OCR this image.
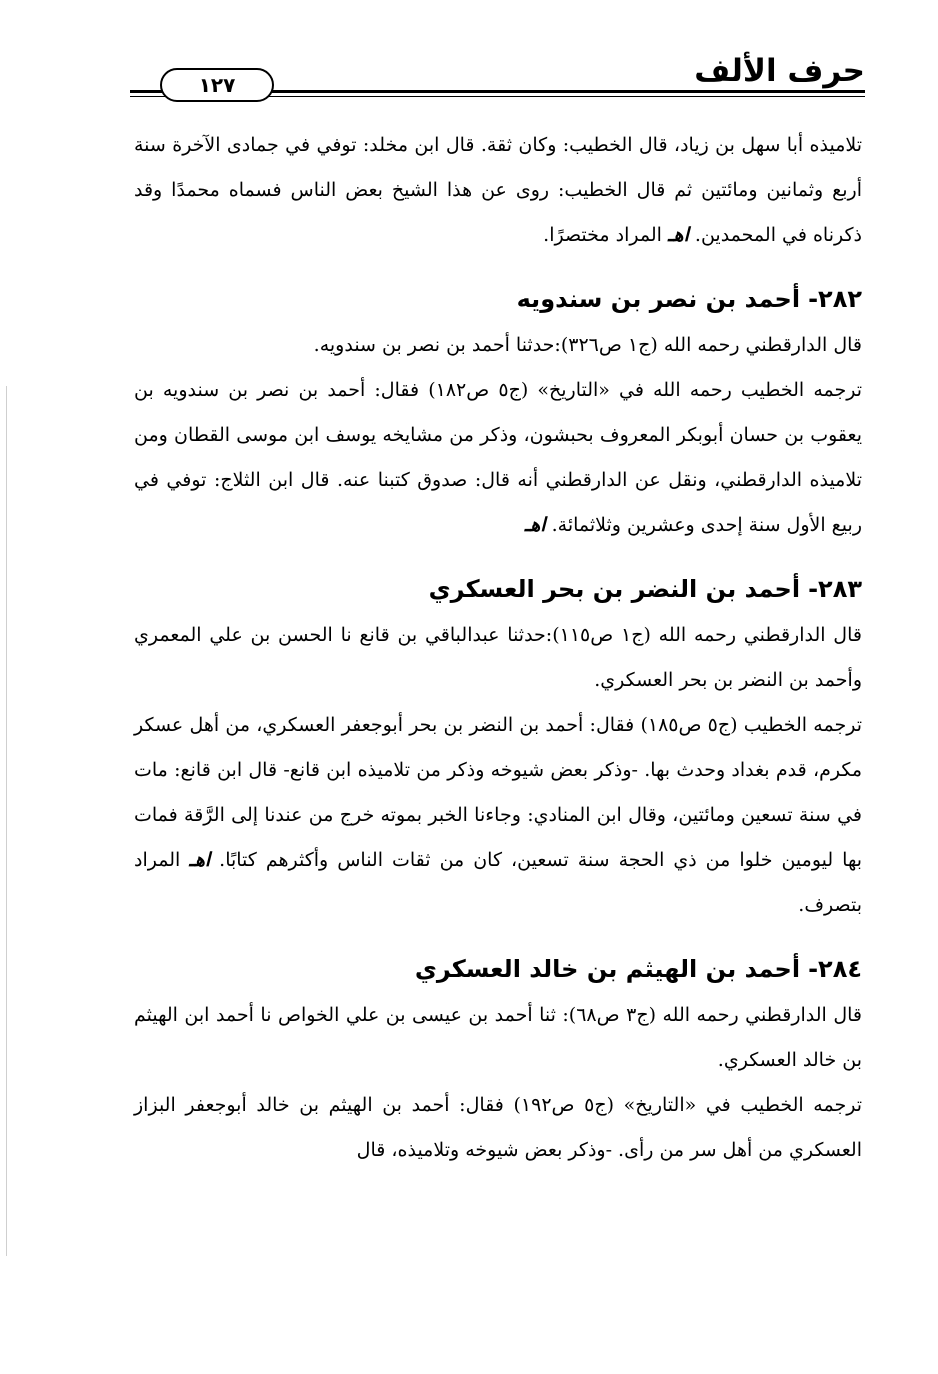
حرف الألف
١٢٧

تلاميذه أبا سهل بن زياد، قال الخطيب: وكان ثقة. قال ابن مخلد: توفي في جمادى الآخرة سنة أربع وثمانين ومائتين ثم قال الخطيب: روى عن هذا الشيخ بعض الناس فسماه محمدًا وقد ذكرناه في المحمدين. اهـ المراد مختصرًا.

٢٨٢-أحمد بن نصر بن سندويه

قال الدارقطني رحمه الله (ج١ ص٣٢٦):حدثنا أحمد بن نصر بن سندويه.

ترجمه الخطيب رحمه الله في «التاريخ» (ج٥ ص١٨٢) فقال: أحمد بن نصر بن سندويه بن يعقوب بن حسان أبوبكر المعروف بحبشون، وذكر من مشايخه يوسف ابن موسى القطان ومن تلاميذه الدارقطني، ونقل عن الدارقطني أنه قال: صدوق كتبنا عنه. قال ابن الثلاج: توفي في ربيع الأول سنة إحدى وعشرين وثلاثمائة. اهـ

٢٨٣-أحمد بن النضر بن بحر العسكري

قال الدارقطني رحمه الله (ج١ ص١١٥):حدثنا عبدالباقي بن قانع نا الحسن بن علي المعمري وأحمد بن النضر بن بحر العسكري.

ترجمه الخطيب (ج٥ ص١٨٥) فقال: أحمد بن النضر بن بحر أبوجعفر العسكري، من أهل عسكر مكرم، قدم بغداد وحدث بها. -وذكر بعض شيوخه وذكر من تلاميذه ابن قانع- قال ابن قانع: مات في سنة تسعين ومائتين، وقال ابن المنادي: وجاءنا الخبر بموته خرج من عندنا إلى الرَّقة فمات بها ليومين خلوا من ذي الحجة سنة تسعين، كان من ثقات الناس وأكثرهم كتابًا. اهـ المراد بتصرف.

٢٨٤-أحمد بن الهيثم بن خالد العسكري

قال الدارقطني رحمه الله (ج٣ ص٦٨): ثنا أحمد بن عيسى بن علي الخواص نا أحمد ابن الهيثم بن خالد العسكري.

ترجمه الخطيب في «التاريخ» (ج٥ ص١٩٢) فقال: أحمد بن الهيثم بن خالد أبوجعفر البزاز العسكري من أهل سر من رأى. -وذكر بعض شيوخه وتلاميذه، قال
